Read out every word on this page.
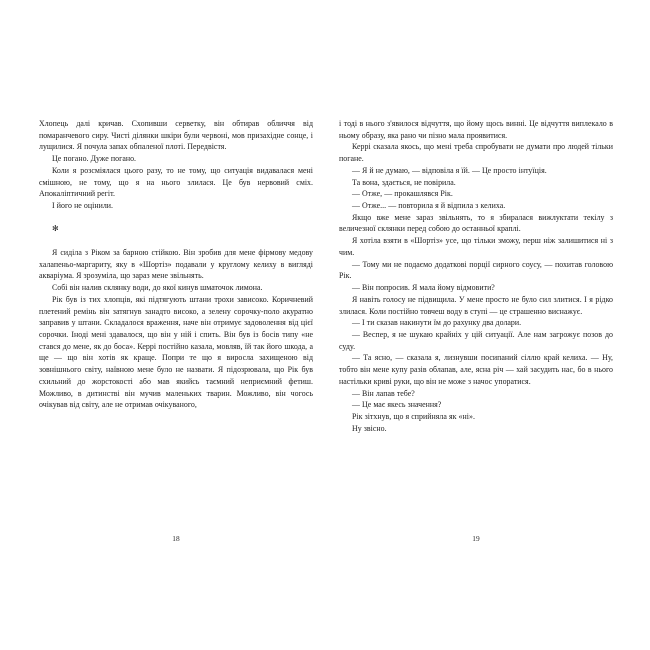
Хлопець далі кричав. Схопивши серветку, він обтирав обличчя від помаранчевого сиру. Чисті ділянки шкіри були червоні, мов призахідне сонце, і лущилися. Я почула запах обпаленої плоті. Передвістя.

Це погано. Дуже погано.

Коли я розсміялася цього разу, то не тому, що ситуація видавалася мені смішною, не тому, що я на нього злилася. Це був нервовий сміх. Апокаліптичний регіт.

І його не оцінили.

✻

Я сиділа з Ріком за барною стійкою. Він зробив для мене фірмову медову халапеньо-маргариту, яку в «Шортіз» подавали у круглому келиху в вигляді акваріума. Я зрозуміла, що зараз мене звільнять.

Собі він налив склянку води, до якої кинув шматочок лимона.

Рік був із тих хлопців, які підтягують штани трохи зависоко. Коричневий плетений ремінь він затягнув занадто високо, а зелену сорочку-поло акуратно заправив у штани. Складалося враження, наче він отримує задоволення від цієї сорочки. Іноді мені здавалося, що він у ній і спить. Він був із босів типу «не стався до мене, як до боса». Керрі постійно казала, мовляв, їй так його шкода, а ще — що він хотів як краще. Попри те що я виросла захищеною від зовнішнього світу, наївною мене було не назвати. Я підозрювала, що Рік був схильний до жорстокості або мав якийсь таємний неприємний фетиш. Можливо, в дитинстві він мучив маленьких тварин. Можливо, він чогось очікував від світу, але не отримав очікуваного,

18

і тоді в нього з'явилося відчуття, що йому щось винні. Це відчуття виплекало в ньому образу, яка рано чи пізно мала проявитися.

Керрі сказала якось, що мені треба спробувати не думати про людей тільки погане.

— Я й не думаю, — відповіла я їй. — Це просто інтуїція.

Та вона, здається, не повірила.

— Отже, — прокашлявся Рік.

— Отже... — повторила я й відпила з келиха.

Якщо вже мене зараз звільнять, то я збиралася вижлуктати текілу з величезної склянки перед собою до останньої краплі.

Я хотіла взяти в «Шортіз» усе, що тільки зможу, перш ніж залишитися ні з чим.

— Тому ми не подаємо додаткові порції сирного соусу, — похитав головою Рік.

— Він попросив. Я мала йому відмовити?

Я навіть голосу не підвищила. У мене просто не було сил злитися. І я рідко злилася. Коли постійно товчеш воду в ступі — це страшенно виснажує.

— І ти сказав накинути їм до рахунку два долари.

— Веспер, я не шукаю крайніх у цій ситуації. Але нам загрожує позов до суду.

— Та ясно, — сказала я, лизнувши посипаний сіллю край келиха. — Ну, тобто він мене купу разів облапав, але, ясна річ — хай засудить нас, бо в нього настільки криві руки, що він не може з начос упоратися.

— Він лапав тебе?

— Це має якесь значення?

Рік зітхнув, що я сприйняла як «ні».

Ну звісно.

19
